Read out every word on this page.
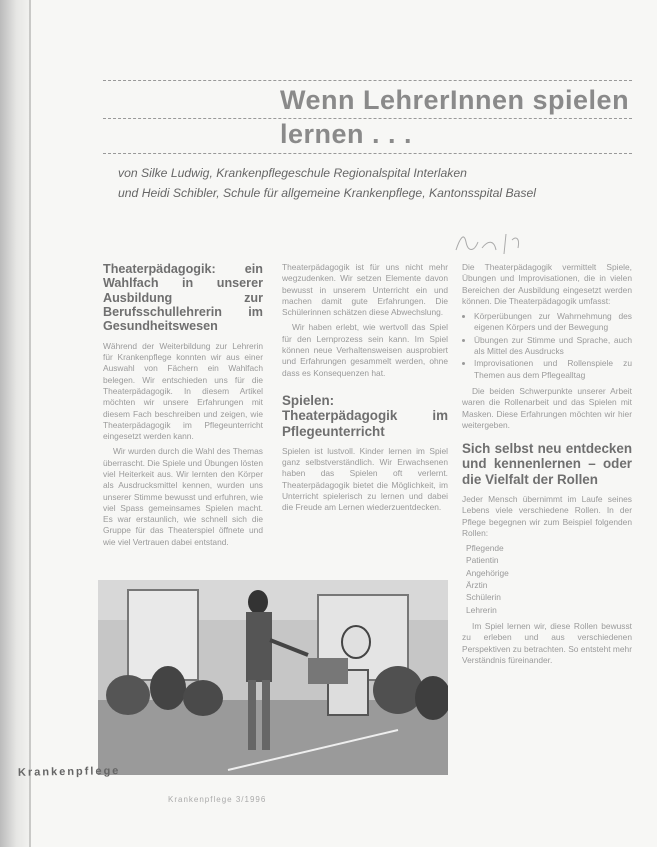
Wenn LehrerInnen spielen
lernen . . .
von Silke Ludwig, Krankenpflegeschule Regionalspital Interlaken
und Heidi Schibler, Schule für allgemeine Krankenpflege, Kantonsspital Basel
Theaterpädagogik: ein Wahlfach in unserer Ausbildung zur Berufsschullehrerin im Gesundheitswesen

Während der Weiterbildung zur Lehrerin für Krankenpflege konnten wir aus einer Auswahl von Fächern ein Wahlfach belegen. Wir entschieden uns für die Theaterpädagogik. In diesem Artikel möchten wir unsere Erfahrungen mit diesem Fach beschreiben und zeigen, wie Theaterpädagogik im Pflegeunterricht eingesetzt werden kann.

Wir wurden durch die Wahl des Themas überrascht. Die Spiele und Übungen lösten viel Heiterkeit aus. Wir lernten den Körper als Ausdrucksmittel kennen, wurden uns unserer Stimme bewusst und erfuhren, wie viel Spass gemeinsames Spielen macht. Es war erstaunlich, wie schnell sich die Gruppe für das Theaterspiel öffnete und wie viel Vertrauen dabei entstand.

Theaterpädagogik ist für uns nicht mehr wegzudenken. Wir setzen Elemente davon bewusst in unserem Unterricht ein und machen damit gute Erfahrungen. Die Schülerinnen schätzen diese Abwechslung.

Wir haben erlebt, wie wertvoll das Spiel für den Lernprozess sein kann. Im Spiel können neue Verhaltensweisen ausprobiert und Erfahrungen gesammelt werden, ohne dass es Konsequenzen hat.

Spielen: Theaterpädagogik im Pflegeunterricht

Spielen ist lustvoll. Kinder lernen im Spiel ganz selbstverständlich. Wir Erwachsenen haben das Spielen oft verlernt. Theaterpädagogik bietet die Möglichkeit, im Unterricht spielerisch zu lernen und dabei die Freude am Lernen wiederzuentdecken.

Die Theaterpädagogik vermittelt Spiele, Übungen und Improvisationen, die in vielen Bereichen der Ausbildung eingesetzt werden können. Die Theaterpädagogik umfasst:

• Körperübungen zur Wahrnehmung des eigenen Körpers und der Bewegung
• Übungen zur Stimme und Sprache, auch als Mittel des Ausdrucks
• Improvisationen und Rollenspiele zu Themen aus dem Pflegealltag

Die beiden Schwerpunkte unserer Arbeit waren die Rollenarbeit und das Spielen mit Masken. Diese Erfahrungen möchten wir hier weitergeben.

Sich selbst neu entdecken und kennenlernen – oder die Vielfalt der Rollen

Jeder Mensch übernimmt im Laufe seines Lebens viele verschiedene Rollen. In der Pflege begegnen wir zum Beispiel folgenden Rollen:

Pflegende
Patientin
Angehörige
Ärztin
Schülerin
Lehrerin

Im Spiel lernen wir, diese Rollen bewusst zu erleben und aus verschiedenen Perspektiven zu betrachten. So entsteht mehr Verständnis füreinander.

Krankenpflege
Krankenpflege 3/1996
